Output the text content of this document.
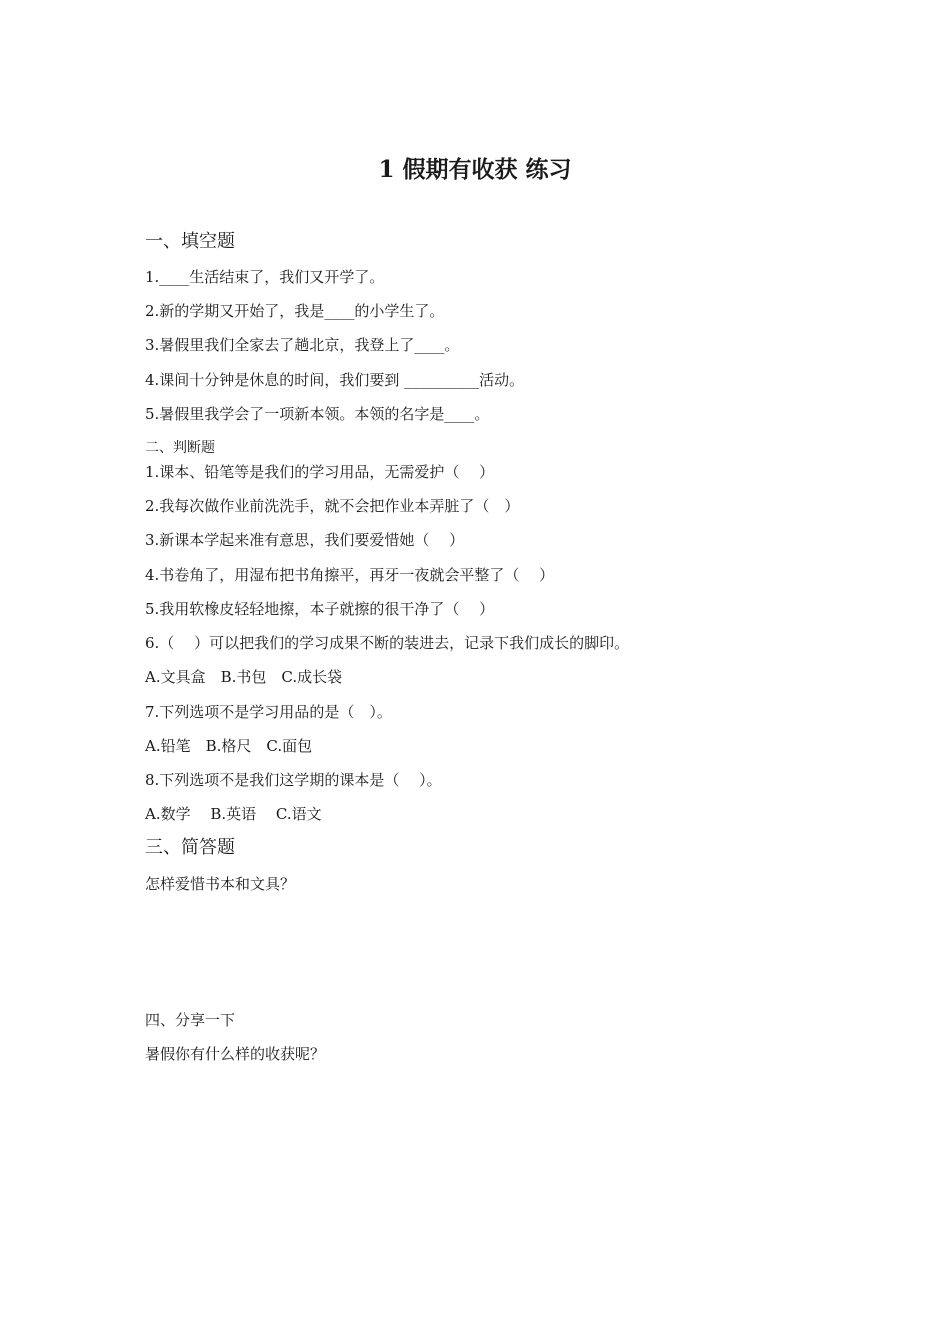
1 假期有收获 练习
一、填空题
1.____生活结束了，我们又开学了。
2.新的学期又开始了，我是____的小学生了。
3.暑假里我们全家去了趟北京，我登上了____。
4.课间十分钟是休息的时间，我们要到 __________活动。
5.暑假里我学会了一项新本领。本领的名字是____。
二、判断题
1.课本、铅笔等是我们的学习用品，无需爱护（　 ）
2.我每次做作业前洗洗手，就不会把作业本弄脏了（　）
3.新课本学起来准有意思，我们要爱惜她（　 ）
4.书卷角了，用湿布把书角擦平，再牙一夜就会平整了（　 ）
5.我用软橡皮轻轻地擦，本子就擦的很干净了（　 ）
6.（　 ）可以把我们的学习成果不断的装进去，记录下我们成长的脚印。
A.文具盒　B.书包　C.成长袋
7.下列选项不是学习用品的是（　）。
A.铅笔　B.格尺　C.面包
8.下列选项不是我们这学期的课本是（　 ）。
A.数学　 B.英语　 C.语文
三、简答题
怎样爱惜书本和文具？
四、分享一下
暑假你有什么样的收获呢？
